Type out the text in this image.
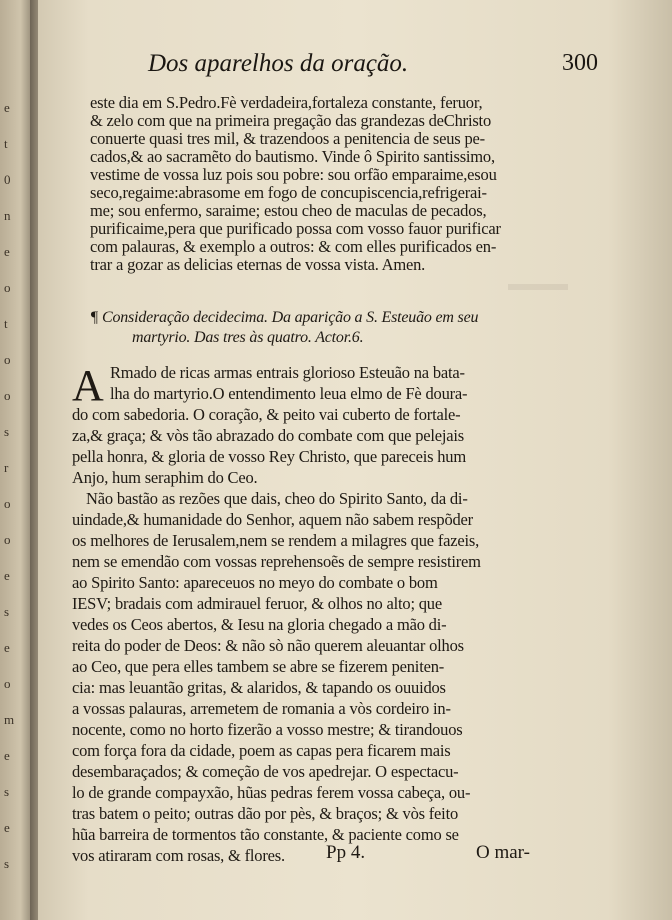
e
t
0
n
e
o
t
o
o
s
r
o
o
e
s
e
o
m
e
s
e
s
Dos aparelhos da oração.	300
este dia em S.Pedro.Fè verdadeira,fortaleza constante, feruor,
& zelo com que na primeira pregação das grandezas deChristo
conuerte quasi tres mil, & trazendoos a penitencia de seus pe-
cados,& ao sacramẽto do bautismo. Vinde ô Spirito santissimo,
vestime de vossa luz pois sou pobre: sou orfão emparaime,esou
seco,regaime:abrasome em fogo de concupiscencia,refrigerai-
me; sou enfermo, saraime; estou cheo de maculas de pecados,
purificaime,pera que purificado possa com vosso fauor purificar
com palauras, & exemplo a outros: & com elles purificados en-
trar a gozar as delicias eternas de vossa vista. Amen.
¶ Consideração decidecima. Da aparição a S. Esteuão em seu
martyrio. Das tres às quatro. Actor.6.
A Rmado de ricas armas entrais glorioso Esteuão na bata-
lha do martyrio.O entendimento leua elmo de Fè doura-
do com sabedoria. O coração, & peito vai cuberto de fortale-
za,& graça; & vòs tão abrazado do combate com que pelejais
pella honra, & gloria de vosso Rey Christo, que pareceis hum
Anjo, hum seraphim do Ceo.
Não bastão as rezões que dais, cheo do Spirito Santo, da di-
uindade,& humanidade do Senhor, aquem não sabem respõder
os melhores de Ierusalem,nem se rendem a milagres que fazeis,
nem se emendão com vossas reprehensoẽs de sempre resistirem
ao Spirito Santo: apareceuos no meyo do combate o bom
IESV; bradais com admirauel feruor, & olhos no alto; que
vedes os Ceos abertos, & Iesu na gloria chegado a mão di-
reita do poder de Deos: & não sò não querem aleuantar olhos
ao Ceo, que pera elles tambem se abre se fizerem peniten-
cia: mas leuantão gritas, & alaridos, & tapando os ouuidos
a vossas palauras, arremetem de romania a vòs cordeiro in-
nocente, como no horto fizerão a vosso mestre; & tirandouos
com força fora da cidade, poem as capas pera ficarem mais
desembaraçados; & começão de vos apedrejar. O espectacu-
lo de grande compayxão, hũas pedras ferem vossa cabeça, ou-
tras batem o peito; outras dão por pès, & braços; & vòs feito
hũa barreira de tormentos tão constante, & paciente como se
vos atiraram com rosas, & flores.	Pp 4.	O mar-
